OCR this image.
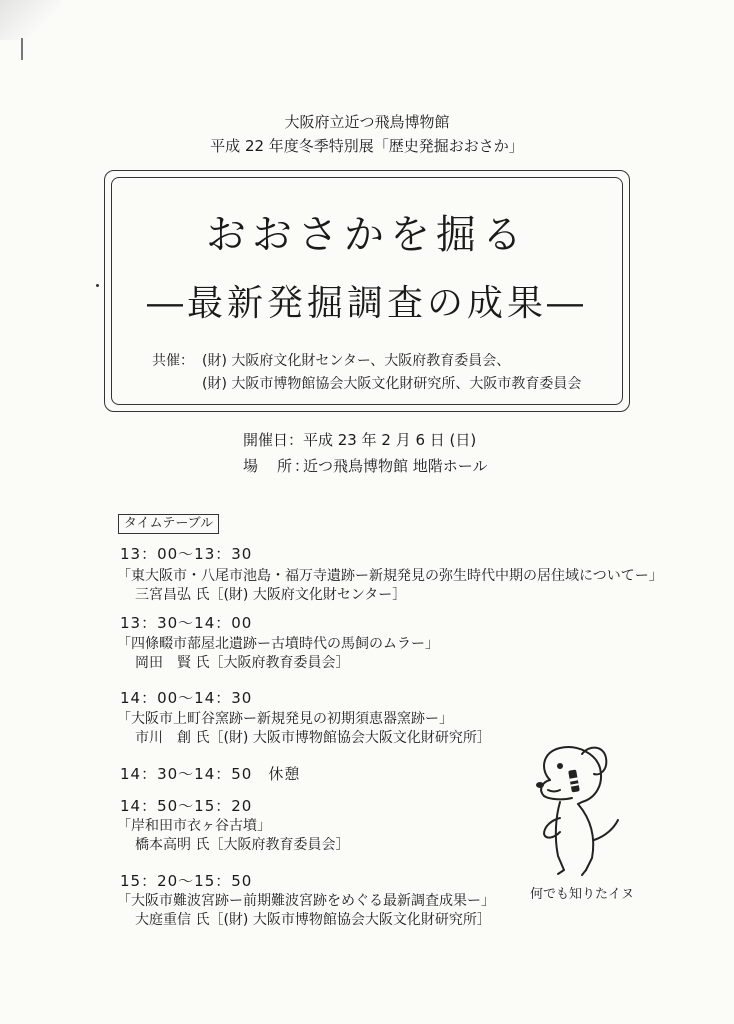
大阪府立近つ飛鳥博物館
平成 22 年度冬季特別展「歴史発掘おおさか」
おおさかを掘る
―最新発掘調査の成果―
共催： (財) 大阪府文化財センター、大阪府教育委員会、
(財) 大阪市博物館協会大阪文化財研究所、大阪市教育委員会
開催日： 平成 23 年 2 月 6 日 (日)
場　所：
近つ飛鳥博物館 地階ホール
タイムテーブル
13：00〜13：30
「東大阪市・八尾市池島・福万寺遺跡ー新規発見の弥生時代中期の居住域についてー」
三宮昌弘 氏［(財) 大阪府文化財センター］
13：30〜14：00
「四條畷市蔀屋北遺跡ー古墳時代の馬飼のムラー」
岡田　賢 氏［大阪府教育委員会］
14：00〜14：30
「大阪市上町谷窯跡ー新規発見の初期須恵器窯跡ー」
市川　創 氏［(財) 大阪市博物館協会大阪文化財研究所］
14：30〜14：50　休憩
14：50〜15：20
「岸和田市衣ヶ谷古墳」
橋本高明 氏［大阪府教育委員会］
15：20〜15：50
「大阪市難波宮跡ー前期難波宮跡をめぐる最新調査成果ー」
大庭重信 氏［(財) 大阪市博物館協会大阪文化財研究所］
何でも知りたイヌ
